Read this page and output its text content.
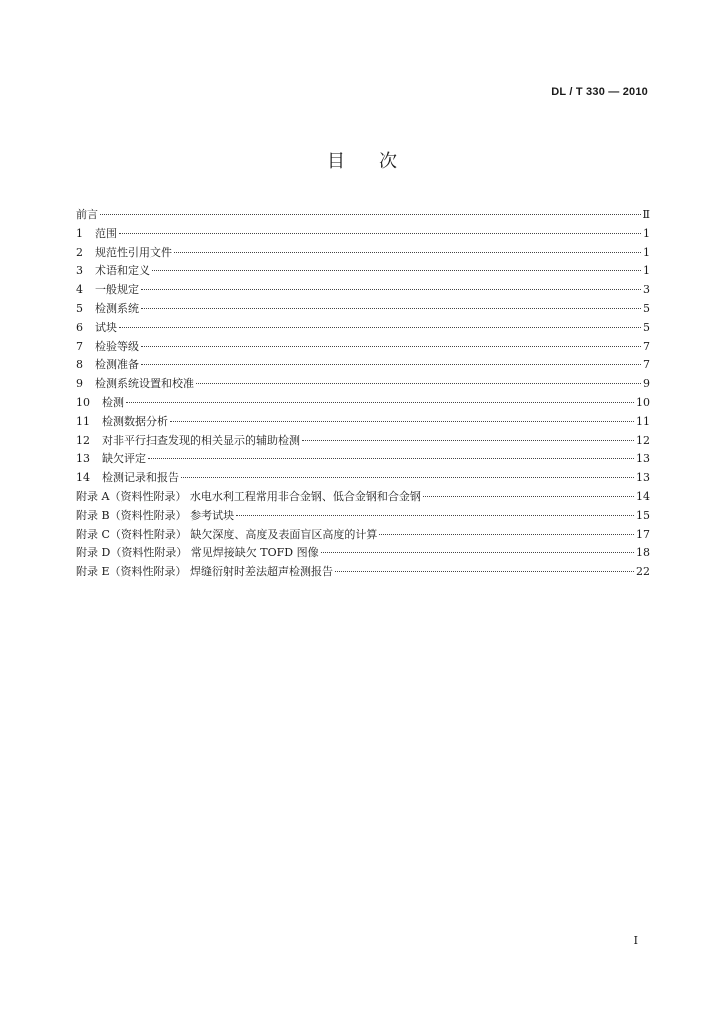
DL / T 330 — 2010
目次
前言	Ⅱ
1 范围	1
2 规范性引用文件	1
3 术语和定义	1
4 一般规定	3
5 检测系统	5
6 试块	5
7 检验等级	7
8 检测准备	7
9 检测系统设置和校准	9
10 检测	10
11 检测数据分析	11
12 对非平行扫查发现的相关显示的辅助检测	12
13 缺欠评定	13
14 检测记录和报告	13
附录 A（资料性附录） 水电水利工程常用非合金钢、低合金钢和合金钢	14
附录 B（资料性附录） 参考试块	15
附录 C（资料性附录） 缺欠深度、高度及表面盲区高度的计算	17
附录 D（资料性附录） 常见焊接缺欠 TOFD 图像	18
附录 E（资料性附录） 焊缝衍射时差法超声检测报告	22
I
